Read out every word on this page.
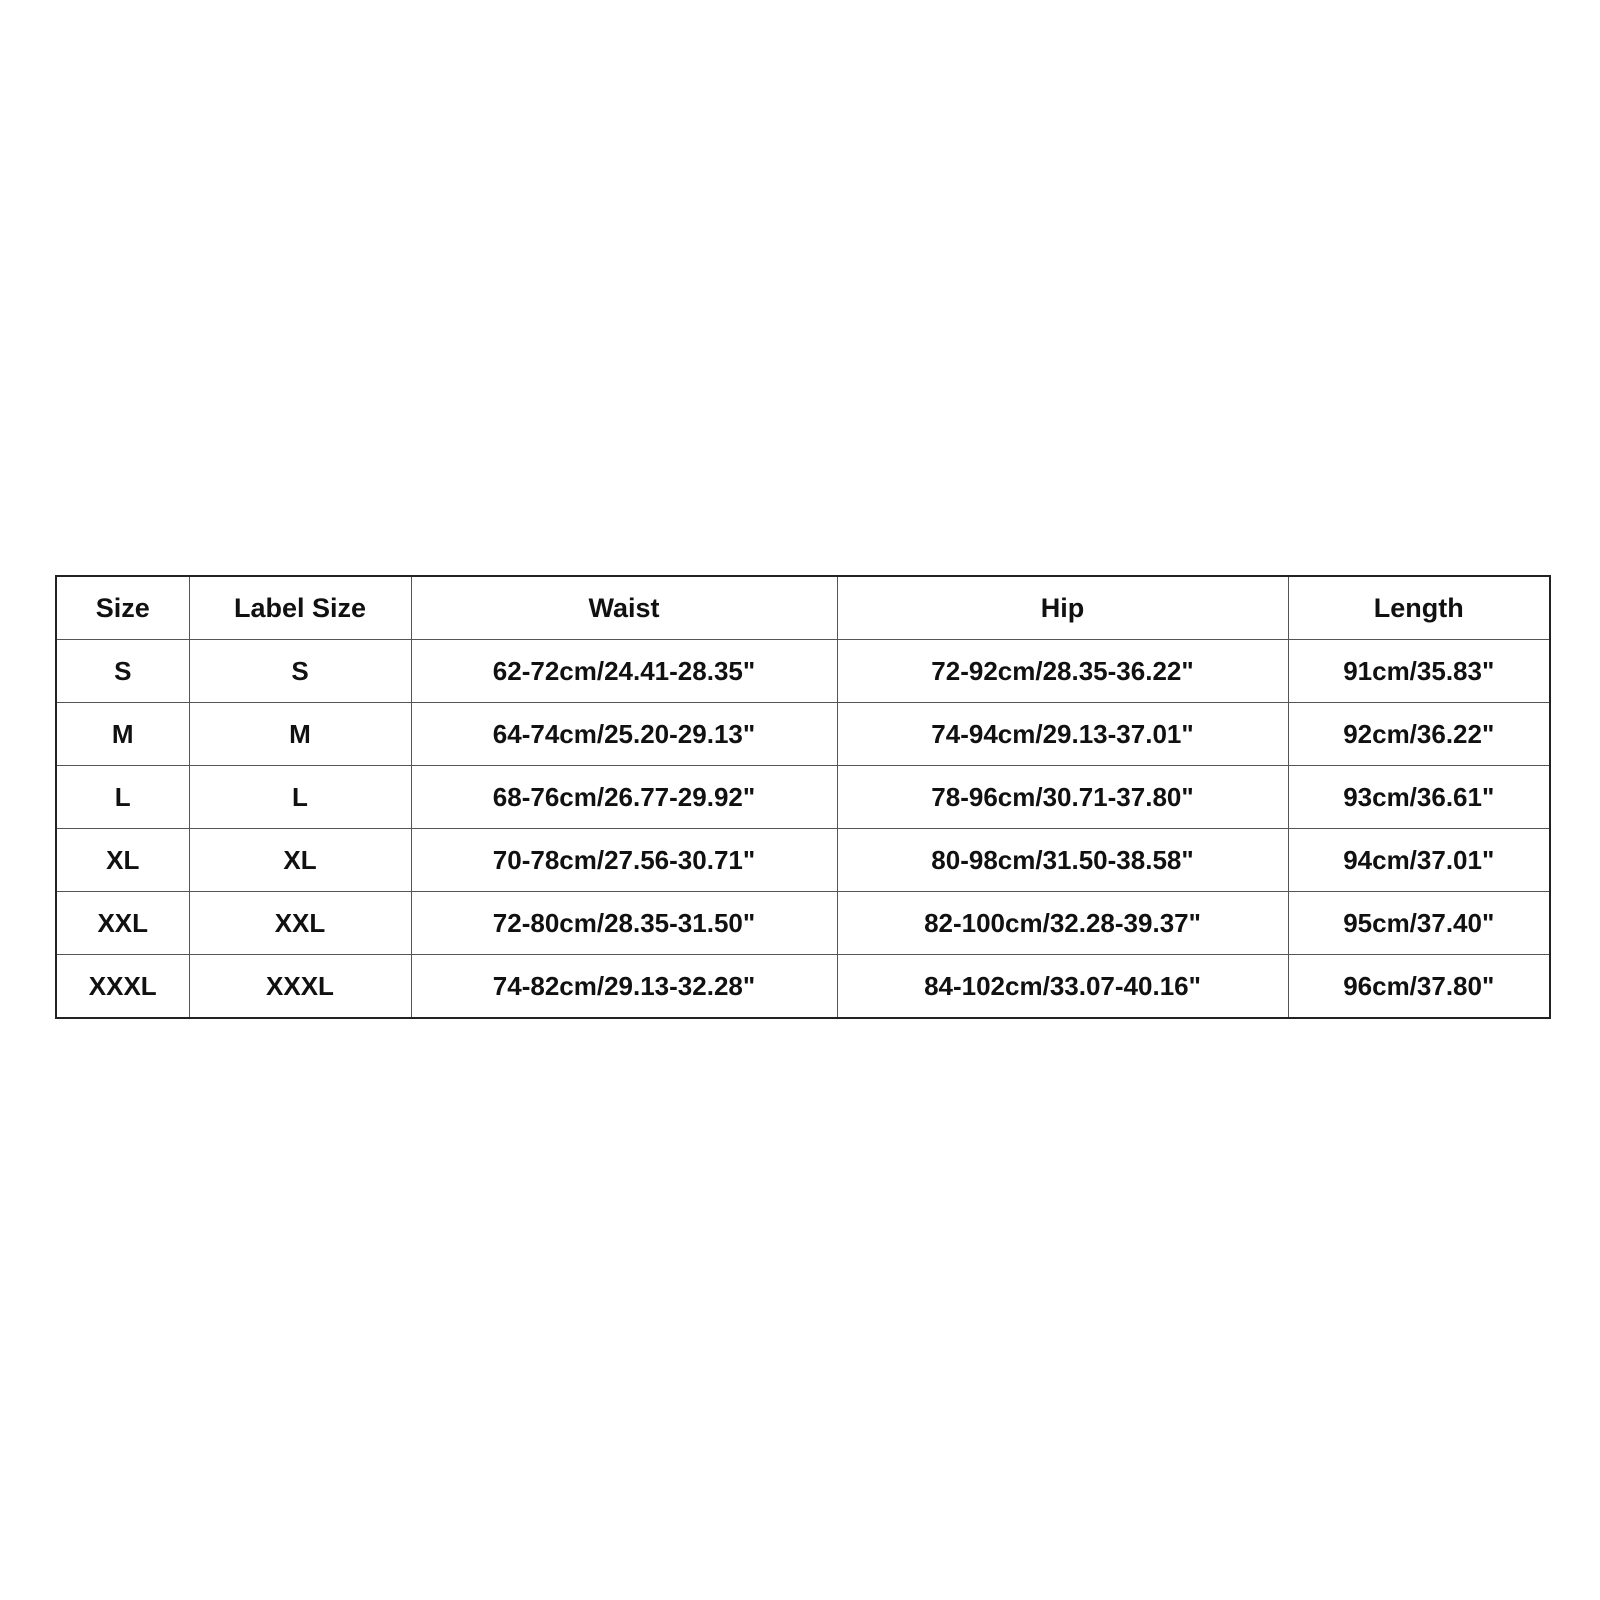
Size	Label Size	Waist	Hip	Length
S	S	62-72cm/24.41-28.35"	72-92cm/28.35-36.22"	91cm/35.83"
M	M	64-74cm/25.20-29.13"	74-94cm/29.13-37.01"	92cm/36.22"
L	L	68-76cm/26.77-29.92"	78-96cm/30.71-37.80"	93cm/36.61"
XL	XL	70-78cm/27.56-30.71"	80-98cm/31.50-38.58"	94cm/37.01"
XXL	XXL	72-80cm/28.35-31.50"	82-100cm/32.28-39.37"	95cm/37.40"
XXXL	XXXL	74-82cm/29.13-32.28"	84-102cm/33.07-40.16"	96cm/37.80"
